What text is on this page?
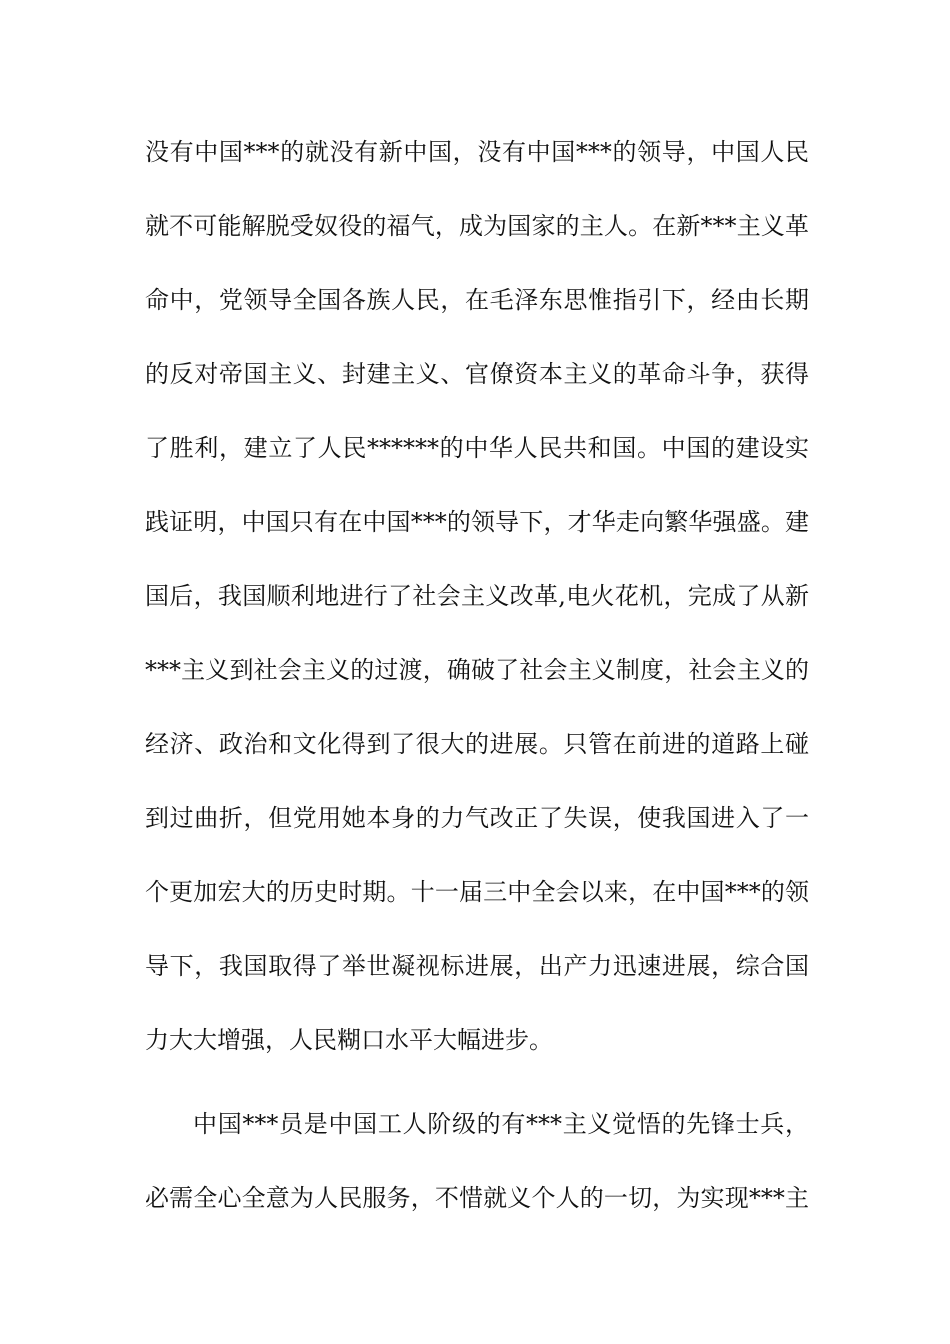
没有中国***的就没有新中国，没有中国***的领导，中国人民
就不可能解脱受奴役的福气，成为国家的主人。在新***主义革
命中，党领导全国各族人民，在毛泽东思惟指引下，经由长期
的反对帝国主义、封建主义、官僚资本主义的革命斗争，获得
了胜利，建立了人民******的中华人民共和国。中国的建设实
践证明，中国只有在中国***的领导下，才华走向繁华强盛。建
国后，我国顺利地进行了社会主义改革,电火花机，完成了从新
***主义到社会主义的过渡，确破了社会主义制度，社会主义的
经济、政治和文化得到了很大的进展。只管在前进的道路上碰
到过曲折，但党用她本身的力气改正了失误，使我国进入了一
个更加宏大的历史时期。十一届三中全会以来，在中国***的领
导下，我国取得了举世凝视标进展，出产力迅速进展，综合国
力大大增强，人民糊口水平大幅进步。
中国***员是中国工人阶级的有***主义觉悟的先锋士兵，
必需全心全意为人民服务，不惜就义个人的一切，为实现***主
